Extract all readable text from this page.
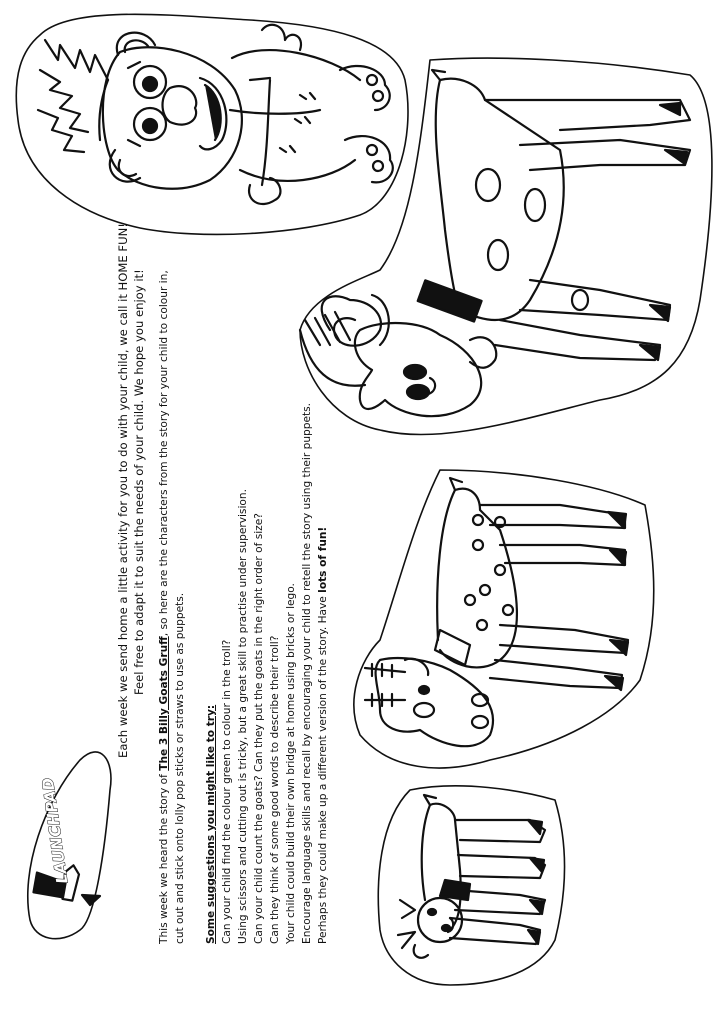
LAUNCHPAD
Each week we send home a little activity for you to do with your child, we call it HOME FUN! Feel free to adapt it to suit the needs of your child. We hope you enjoy it!
This week we heard the story of The 3 Billy Goats Gruff, so here are the characters from the story for your child to colour in,
cut out and stick onto lolly pop sticks or straws to use as puppets. Some suggestions you might like to try: Can your child find the colour green to colour in the troll? Using scissors and cutting out is tricky, but a great skill to practise under supervision. Can your child count the goats? Can they put the goats in the right order of size? Can they think of some good words to describe their troll? Your child could build their own bridge at home using bricks or lego. Encourage language skills and recall by encouraging your child to retell the story using their puppets. Perhaps they could make up a different version of the story. Have lots of fun!
